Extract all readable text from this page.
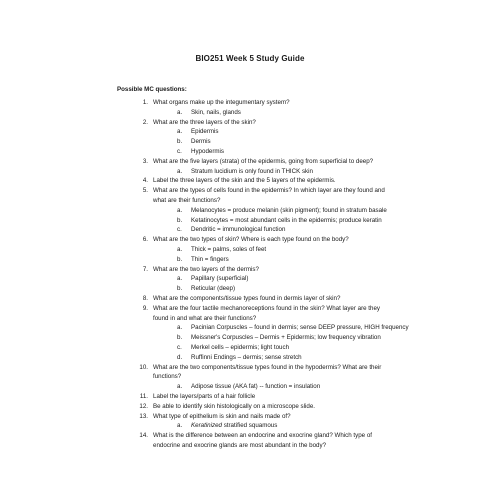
BIO251 Week 5 Study Guide
Possible MC questions:
1. What organs make up the integumentary system?
a. Skin, nails, glands
2. What are the three layers of the skin?
a. Epidermis
b. Dermis
c. Hypodermis
3. What are the five layers (strata) of the epidermis, going from superficial to deep?
a. Stratum lucidium is only found in THICK skin
4. Label the three layers of the skin and the 5 layers of the epidermis.
5. What are the types of cells found in the epidermis? In which layer are they found and what are their functions?
a. Melanocytes = produce melanin (skin pigment); found in stratum basale
b. Ketatinocytes = most abundant cells in the epidermis; produce keratin
c. Dendritic = immunological function
6. What are the two types of skin? Where is each type found on the body?
a. Thick = palms, soles of feet
b. Thin = fingers
7. What are the two layers of the dermis?
a. Papillary (superficial)
b. Reticular (deep)
8. What are the components/tissue types found in dermis layer of skin?
9. What are the four tactile mechanoreceptions found in the skin? What layer are they found in and what are their functions?
a. Pacinian Corpuscles – found in dermis; sense DEEP pressure, HIGH frequency
b. Meissner's Corpuscles – Dermis + Epidermis; low frequency vibration
c. Merkel cells – epidermis; light touch
d. Ruffinni Endings – dermis; sense stretch
10. What are the two components/tissue types found in the hypodermis? What are their functions?
a. Adipose tissue (AKA fat) -- function = insulation
11. Label the layers/parts of a hair follicle
12. Be able to identify skin histologically on a microscope slide.
13. What type of epithelium is skin and nails made of?
a. Keratinized stratified squamous
14. What is the difference between an endocrine and exocrine gland? Which type of endocrine and exocrine glands are most abundant in the body?
